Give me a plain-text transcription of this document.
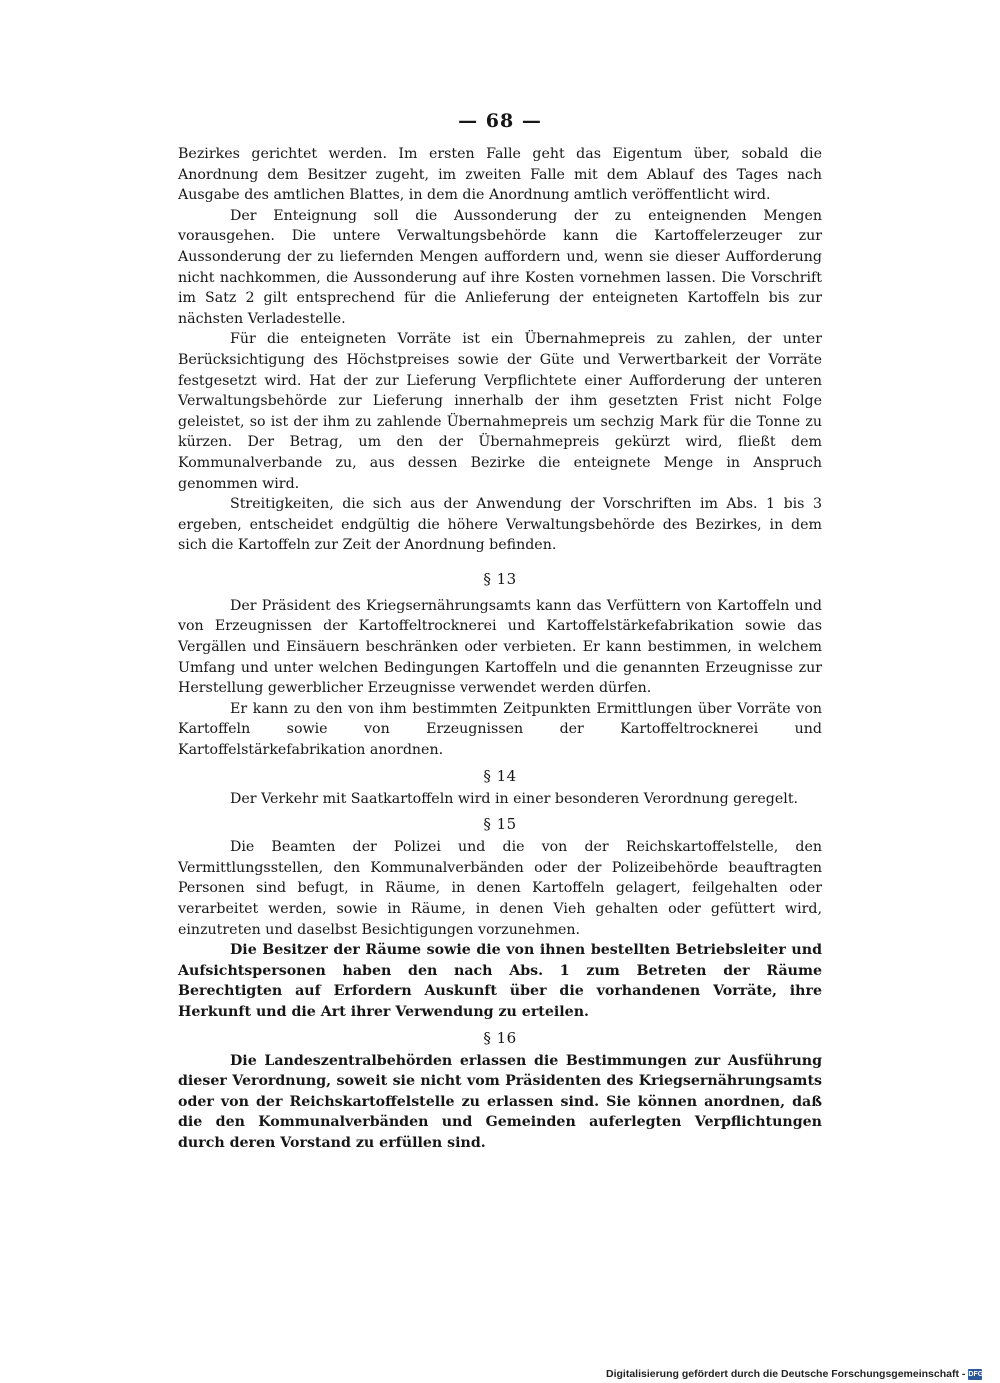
— 68 —

Bezirkes gerichtet werden. Im ersten Falle geht das Eigentum über, sobald die Anordnung dem Besitzer zugeht, im zweiten Falle mit dem Ablauf des Tages nach Ausgabe des amtlichen Blattes, in dem die Anordnung amtlich veröffentlicht wird.

Der Enteignung soll die Aussonderung der zu enteignenden Mengen vorausgehen. Die untere Verwaltungsbehörde kann die Kartoffelerzeuger zur Aussonderung der zu liefernden Mengen auffordern und, wenn sie dieser Aufforderung nicht nachkommen, die Aussonderung auf ihre Kosten vornehmen lassen. Die Vorschrift im Satz 2 gilt entsprechend für die Anlieferung der enteigneten Kartoffeln bis zur nächsten Verladestelle.

Für die enteigneten Vorräte ist ein Übernahmepreis zu zahlen, der unter Berücksichtigung des Höchstpreises sowie der Güte und Verwertbarkeit der Vorräte festgesetzt wird. Hat der zur Lieferung Verpflichtete einer Aufforderung der unteren Verwaltungsbehörde zur Lieferung innerhalb der ihm gesetzten Frist nicht Folge geleistet, so ist der ihm zu zahlende Übernahmepreis um sechzig Mark für die Tonne zu kürzen. Der Betrag, um den der Übernahmepreis gekürzt wird, fließt dem Kommunalverbande zu, aus dessen Bezirke die enteignete Menge in Anspruch genommen wird.

Streitigkeiten, die sich aus der Anwendung der Vorschriften im Abs. 1 bis 3 ergeben, entscheidet endgültig die höhere Verwaltungsbehörde des Bezirkes, in dem sich die Kartoffeln zur Zeit der Anordnung befinden.

§ 13

Der Präsident des Kriegsernährungsamts kann das Verfüttern von Kartoffeln und von Erzeugnissen der Kartoffeltrocknerei und Kartoffelstärkefabrikation sowie das Vergällen und Einsäuern beschränken oder verbieten. Er kann bestimmen, in welchem Umfang und unter welchen Bedingungen Kartoffeln und die genannten Erzeugnisse zur Herstellung gewerblicher Erzeugnisse verwendet werden dürfen.

Er kann zu den von ihm bestimmten Zeitpunkten Ermittlungen über Vorräte von Kartoffeln sowie von Erzeugnissen der Kartoffeltrocknerei und Kartoffelstärkefabrikation anordnen.

§ 14

Der Verkehr mit Saatkartoffeln wird in einer besonderen Verordnung geregelt.

§ 15

Die Beamten der Polizei und die von der Reichskartoffelstelle, den Vermittlungsstellen, den Kommunalverbänden oder der Polizeibehörde beauftragten Personen sind befugt, in Räume, in denen Kartoffeln gelagert, feilgehalten oder verarbeitet werden, sowie in Räume, in denen Vieh gehalten oder gefüttert wird, einzutreten und daselbst Besichtigungen vorzunehmen.

Die Besitzer der Räume sowie die von ihnen bestellten Betriebsleiter und Aufsichtspersonen haben den nach Abs. 1 zum Betreten der Räume Berechtigten auf Erfordern Auskunft über die vorhandenen Vorräte, ihre Herkunft und die Art ihrer Verwendung zu erteilen.

§ 16

Die Landeszentralbehörden erlassen die Bestimmungen zur Ausführung dieser Verordnung, soweit sie nicht vom Präsidenten des Kriegsernährungsamts oder von der Reichskartoffelstelle zu erlassen sind. Sie können anordnen, daß die den Kommunalverbänden und Gemeinden auferlegten Verpflichtungen durch deren Vorstand zu erfüllen sind.

Digitalisierung gefördert durch die Deutsche Forschungsgemeinschaft - DFG
